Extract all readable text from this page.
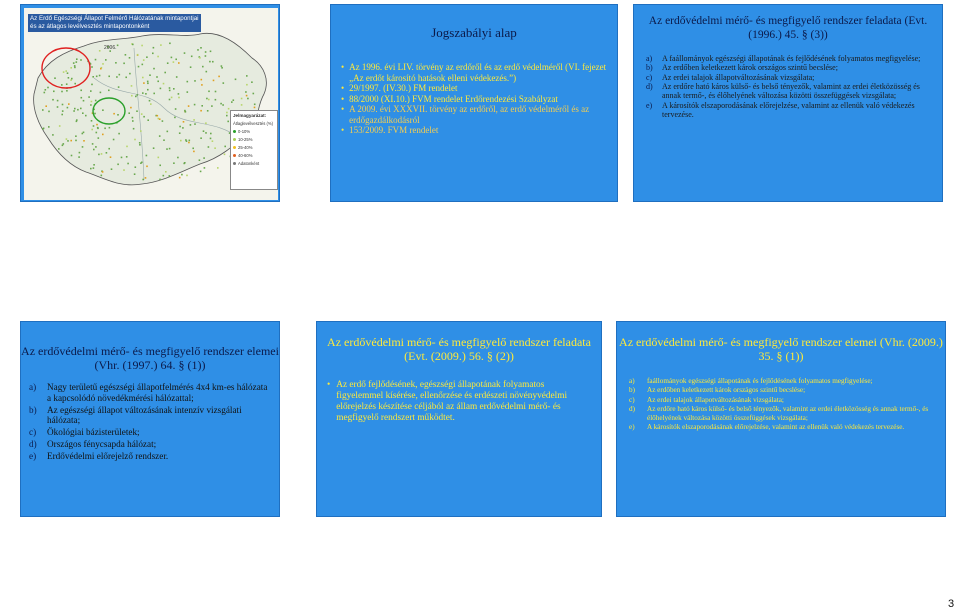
Az Erdő Egészségi Állapot Felmérő Hálózatának mintapontjai
és az átlagos levélvesztés mintapontonként
2006.
Jelmagyarázat:
Átlaglevélvesztés (%)
0-10%
10-25%
25-40%
40-60%
Adatonként
Jogszabályi alap
• Az 1996. évi LIV. törvény az erdőről és az erdő védelméről (VI. fejezet „Az erdőt károsító hatások elleni védekezés.”)
• 29/1997. (IV.30.) FM rendelet
• 88/2000 (XI.10.) FVM rendelet Erdőrendezési Szabályzat
• A 2009. évi XXXVII. törvény az erdőről, az erdő védelméről és az erdőgazdálkodásról
• 153/2009. FVM rendelet
Az erdővédelmi mérő- és megfigyelő rendszer feladata (Evt. (1996.) 45. § (3))
a)	A faállományok egészségi állapotának és fejlődésének folyamatos megfigyelése;
b)	Az erdőben keletkezett károk országos szintű becslése;
c)	Az erdei talajok állapotváltozásának vizsgálata;
d)	Az erdőre ható káros külső- és belső tényezők, valamint az erdei életközösség és annak termő-, és élőhelyének változása közötti összefüggések vizsgálata;
e)	A károsítók elszaporodásának előrejelzése, valamint az ellenük való védekezés tervezése.
Az erdővédelmi mérő- és megfigyelő rendszer elemei (Vhr. (1997.) 64. § (1))
a)	Nagy területű egészségi állapotfelmérés 4x4 km-es hálózata a kapcsolódó növedékmérési hálózattal;
b)	Az egészségi állapot változásának intenzív vizsgálati hálózata;
c)	Ökológiai bázisterületek;
d)	Országos fénycsapda hálózat;
e)	Erdővédelmi előrejelző rendszer.
Az erdővédelmi mérő- és megfigyelő rendszer feladata (Evt. (2009.) 56. § (2))
• Az erdő fejlődésének, egészségi állapotának folyamatos figyelemmel kísérése, ellenőrzése és erdészeti növényvédelmi előrejelzés készítése céljából az állam erdővédelmi mérő- és megfigyelő rendszert működtet.
Az erdővédelmi mérő- és megfigyelő rendszer elemei (Vhr. (2009.) 35. § (1))
a)	faállományok egészségi állapotának és fejlődésének folyamatos megfigyelése;
b)	Az erdőben keletkezett károk országos szintű becslése;
c)	Az erdei talajok állapotváltozásának vizsgálata;
d)	Az erdőre ható káros külső- és belső tényezők, valamint az erdei életközösség és annak termő-, és élőhelyének változása közötti összefüggések vizsgálata;
e)	A károsítók elszaporodásának előrejelzése, valamint az ellenük való védekezés tervezése.
3
